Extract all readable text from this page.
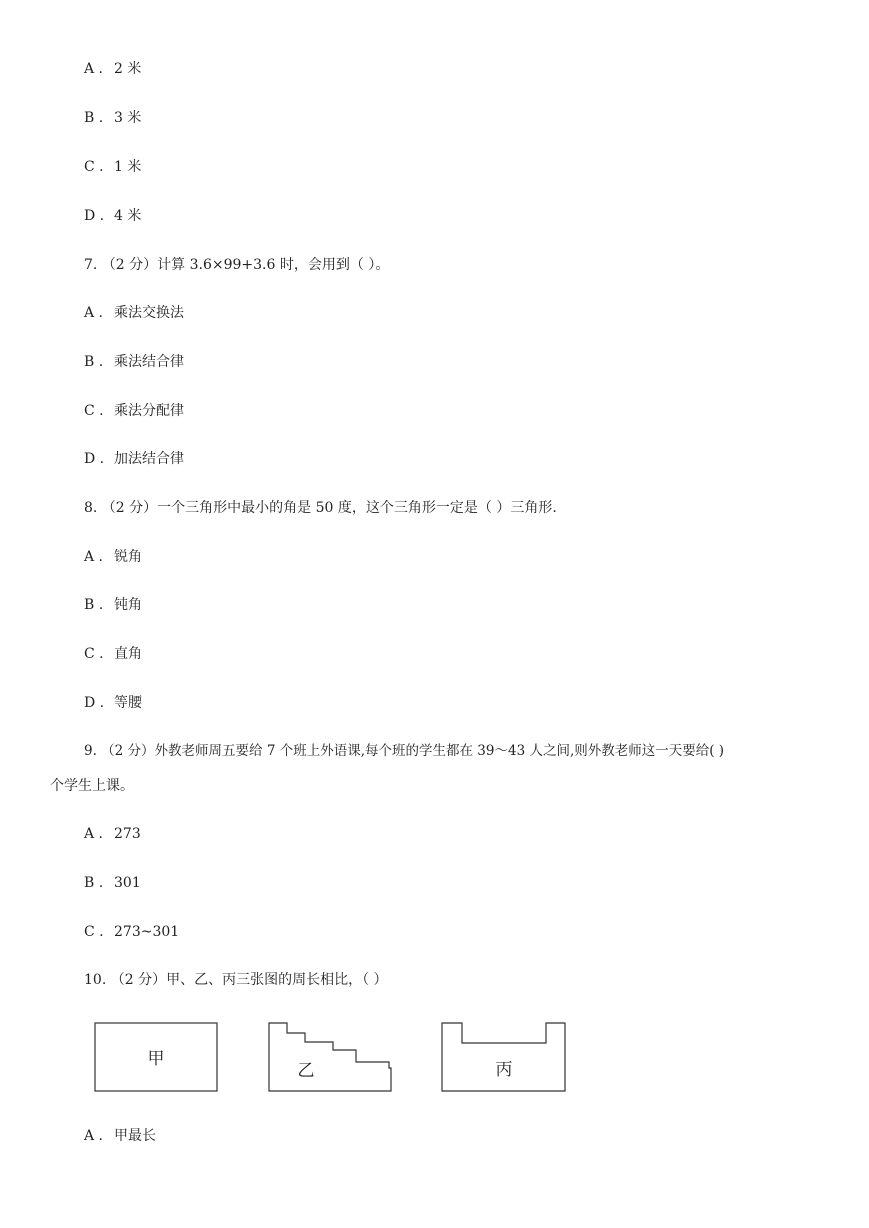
A . 2 米
B . 3 米
C . 1 米
D . 4 米
7. （2 分）计算 3.6×99+3.6 时，会用到（ ）。
A . 乘法交换法
B . 乘法结合律
C . 乘法分配律
D . 加法结合律
8. （2 分）一个三角形中最小的角是 50 度，这个三角形一定是（ ）三角形.
A . 锐角
B . 钝角
C . 直角
D . 等腰
9. （2 分）外教老师周五要给 7 个班上外语课,每个班的学生都在 39～43 人之间,则外教老师这一天要给( )
个学生上课。
A . 273
B . 301
C . 273~301
10. （2 分）甲、乙、丙三张图的周长相比，（ ）
甲
乙	丙
A . 甲最长
